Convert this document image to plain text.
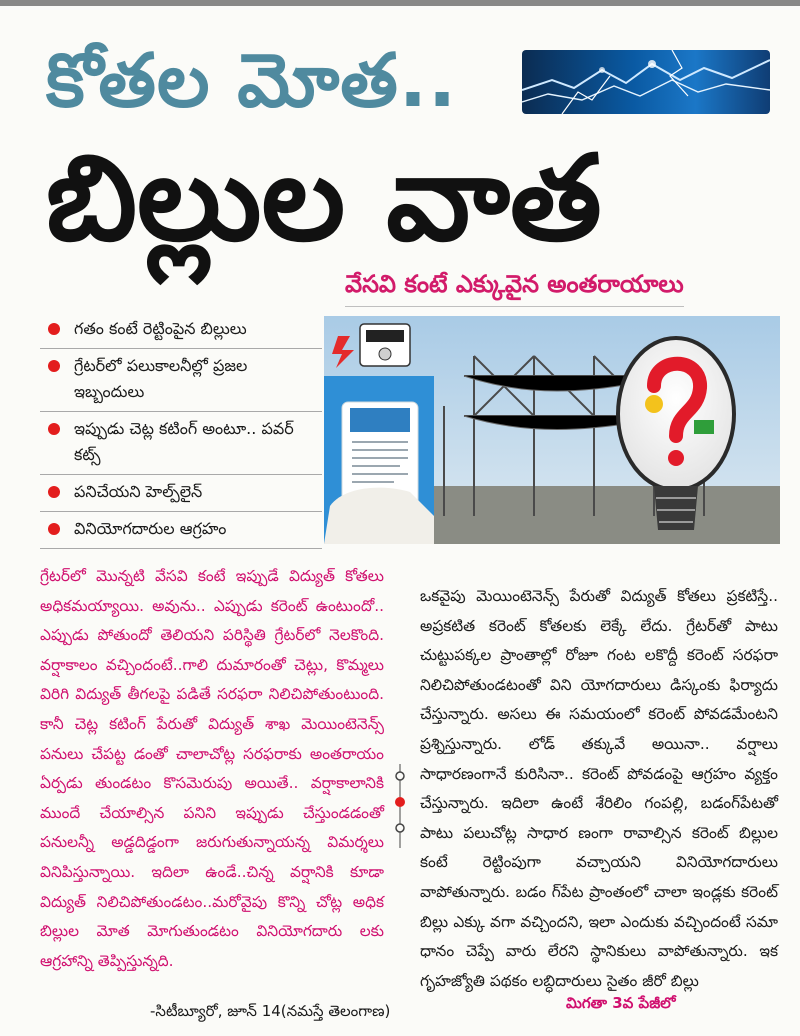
కోతల మోత..
బిల్లుల వాత
వేసవి కంటే ఎక్కువైన అంతరాయాలు
గతం కంటే రెట్టింపైన బిల్లులు
గ్రేటర్‌లో పలుకాలనీల్లో ప్రజల ఇబ్బందులు
ఇప్పుడు చెట్ల కటింగ్ అంటూ.. పవర్ కట్స్
పనిచేయని హెల్ప్‌లైన్
వినియోగదారుల ఆగ్రహం

గ్రేటర్‌లో మొన్నటి వేసవి కంటే ఇప్పుడే విద్యుత్ కోతలు అధికమయ్యాయి. అవును.. ఎప్పుడు కరెంట్ ఉంటుందో.. ఎప్పుడు పోతుందో తెలియని పరిస్థితి గ్రేటర్‌లో నెలకొంది. వర్షాకాలం వచ్చిందంటే..గాలి దుమారంతో చెట్లు, కొమ్మలు విరిగి విద్యుత్ తీగలపై పడితే సరఫరా నిలిచిపోతుంటుంది. కానీ చెట్ల కటింగ్ పేరుతో విద్యుత్ శాఖ మెయింటెనెన్స్ పనులు చేపట్ట డంతో చాలాచోట్ల సరఫరాకు అంతరాయం ఏర్పడు తుండటం కొసమెరుపు అయితే.. వర్షాకాలానికి ముందే చేయాల్సిన పనిని ఇప్పుడు చేస్తుండడంతో పనులన్నీ అడ్డదిడ్డంగా జరుగుతున్నాయన్న విమర్శలు వినిపిస్తున్నాయి. ఇదిలా ఉండే..చిన్న వర్షానికి కూడా విద్యుత్ నిలిచిపోతుండటం..మరోవైపు కొన్ని చోట్ల అధిక బిల్లుల మోత మోగుతుండటం వినియోగదారు లకు ఆగ్రహాన్ని తెప్పిస్తున్నది.

ఒకవైపు మెయింటెనెన్స్ పేరుతో విద్యుత్ కోతలు ప్రకటిస్తే.. అప్రకటిత కరెంట్ కోతలకు లెక్కే లేదు. గ్రేటర్‌తో పాటు చుట్టుపక్కల ప్రాంతాల్లో రోజూ గంట లకొద్దీ కరెంట్ సరఫరా నిలిచిపోతుండటంతో విని యోగదారులు డిస్కంకు ఫిర్యాదు చేస్తున్నారు. అసలు ఈ సమయంలో కరెంట్ పోవడమేంటని ప్రశ్నిస్తున్నారు. లోడ్ తక్కువే అయినా.. వర్షాలు సాధారణంగానే కురిసినా.. కరెంట్ పోవడంపై ఆగ్రహం వ్యక్తం చేస్తున్నారు. ఇదిలా ఉంటే శేరిలిం గంపల్లి, బడంగ్‌పేటతో పాటు పలుచోట్ల సాధార ణంగా రావాల్సిన కరెంట్ బిల్లుల కంటే రెట్టింపుగా వచ్చాయని వినియోగదారులు వాపోతున్నారు. బడం గ్‌పేట ప్రాంతంలో చాలా ఇండ్లకు కరెంట్ బిల్లు ఎక్కు వగా వచ్చిందని, ఇలా ఎందుకు వచ్చిందంటే సమా ధానం చెప్పే వారు లేరని స్థానికులు వాపోతున్నారు. ఇక గృహజ్యోతి పథకం లబ్ధిదారులు సైతం జీరో బిల్లు

మిగతా 3వ పేజీలో
-సిటీబ్యూరో, జూన్ 14(నమస్తే తెలంగాణ)
